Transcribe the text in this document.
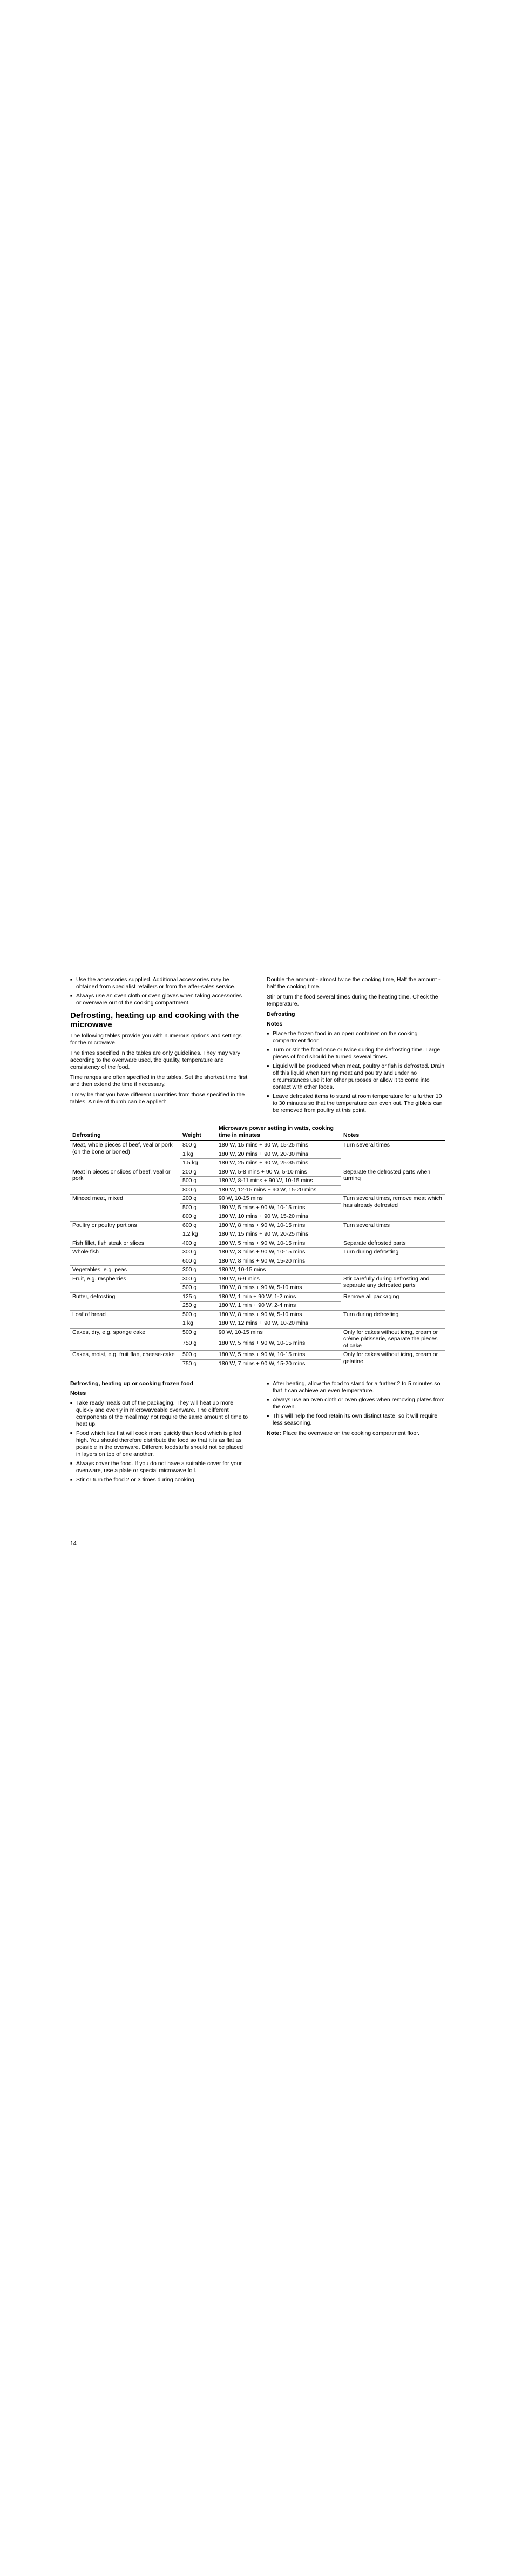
■ Use the accessories supplied. Additional accessories may be obtained from specialist retailers or from the after-sales service.
■ Always use an oven cloth or oven gloves when taking accessories or ovenware out of the cooking compartment.
Defrosting, heating up and cooking with the microwave

The following tables provide you with numerous options and settings for the microwave.

The times specified in the tables are only guidelines. They may vary according to the ovenware used, the quality, temperature and consistency of the food.

Time ranges are often specified in the tables. Set the shortest time first and then extend the time if necessary.

It may be that you have different quantities from those specified in the tables. A rule of thumb can be applied:

Double the amount - almost twice the cooking time, Half the amount - half the cooking time.

Stir or turn the food several times during the heating time. Check the temperature.

Defrosting
Notes
■ Place the frozen food in an open container on the cooking compartment floor.
■ Turn or stir the food once or twice during the defrosting time. Large pieces of food should be turned several times.
■ Liquid will be produced when meat, poultry or fish is defrosted. Drain off this liquid when turning meat and poultry and under no circumstances use it for other purposes or allow it to come into contact with other foods.
■ Leave defrosted items to stand at room temperature for a further 10 to 30 minutes so that the temperature can even out. The giblets can be removed from poultry at this point.
Defrosting	Weight	Microwave power setting in watts, cooking time in minutes	Notes
Meat, whole pieces of beef, veal or pork (on the bone or boned)	800 g	180 W, 15 mins + 90 W, 15-25 mins	Turn several times
	1 kg	180 W, 20 mins + 90 W, 20-30 mins	
	1.5 kg	180 W, 25 mins + 90 W, 25-35 mins	
Meat in pieces or slices of beef, veal or pork	200 g	180 W, 5-8 mins + 90 W, 5-10 mins	Separate the defrosted parts when turning
	500 g	180 W, 8-11 mins + 90 W, 10-15 mins	
	800 g	180 W, 12-15 mins + 90 W, 15-20 mins	
Minced meat, mixed	200 g	90 W, 10-15 mins	Turn several times, remove meat which has already defrosted
	500 g	180 W, 5 mins + 90 W, 10-15 mins	
	800 g	180 W, 10 mins + 90 W, 15-20 mins	
Poultry or poultry portions	600 g	180 W, 8 mins + 90 W, 10-15 mins	Turn several times
	1.2 kg	180 W, 15 mins + 90 W, 20-25 mins	
Fish fillet, fish steak or slices	400 g	180 W, 5 mins + 90 W, 10-15 mins	Separate defrosted parts
Whole fish	300 g	180 W, 3 mins + 90 W, 10-15 mins	Turn during defrosting
	600 g	180 W, 8 mins + 90 W, 15-20 mins	
Vegetables, e.g. peas	300 g	180 W, 10-15 mins	
Fruit, e.g. raspberries	300 g	180 W, 6-9 mins	Stir carefully during defrosting and separate any defrosted parts
	500 g	180 W, 8 mins + 90 W, 5-10 mins	
Butter, defrosting	125 g	180 W, 1 min + 90 W, 1-2 mins	Remove all packaging
	250 g	180 W, 1 min + 90 W, 2-4 mins	
Loaf of bread	500 g	180 W, 8 mins + 90 W, 5-10 mins	Turn during defrosting
	1 kg	180 W, 12 mins + 90 W, 10-20 mins	
Cakes, dry, e.g. sponge cake	500 g	90 W, 10-15 mins	Only for cakes without icing, cream or crème pâtisserie, separate the pieces of cake
	750 g	180 W, 5 mins + 90 W, 10-15 mins	
Cakes, moist, e.g. fruit flan, cheese-cake	500 g	180 W, 5 mins + 90 W, 10-15 mins	Only for cakes without icing, cream or gelatine
	750 g	180 W, 7 mins + 90 W, 15-20 mins	
Defrosting, heating up or cooking frozen food
Notes
■ Take ready meals out of the packaging. They will heat up more quickly and evenly in microwaveable ovenware. The different components of the meal may not require the same amount of time to heat up.
■ Food which lies flat will cook more quickly than food which is piled high. You should therefore distribute the food so that it is as flat as possible in the ovenware. Different foodstuffs should not be placed in layers on top of one another.
■ Always cover the food. If you do not have a suitable cover for your ovenware, use a plate or special microwave foil.
■ Stir or turn the food 2 or 3 times during cooking.
■ After heating, allow the food to stand for a further 2 to 5 minutes so that it can achieve an even temperature.
■ Always use an oven cloth or oven gloves when removing plates from the oven.
■ This will help the food retain its own distinct taste, so it will require less seasoning.

Note: Place the ovenware on the cooking compartment floor.

14
